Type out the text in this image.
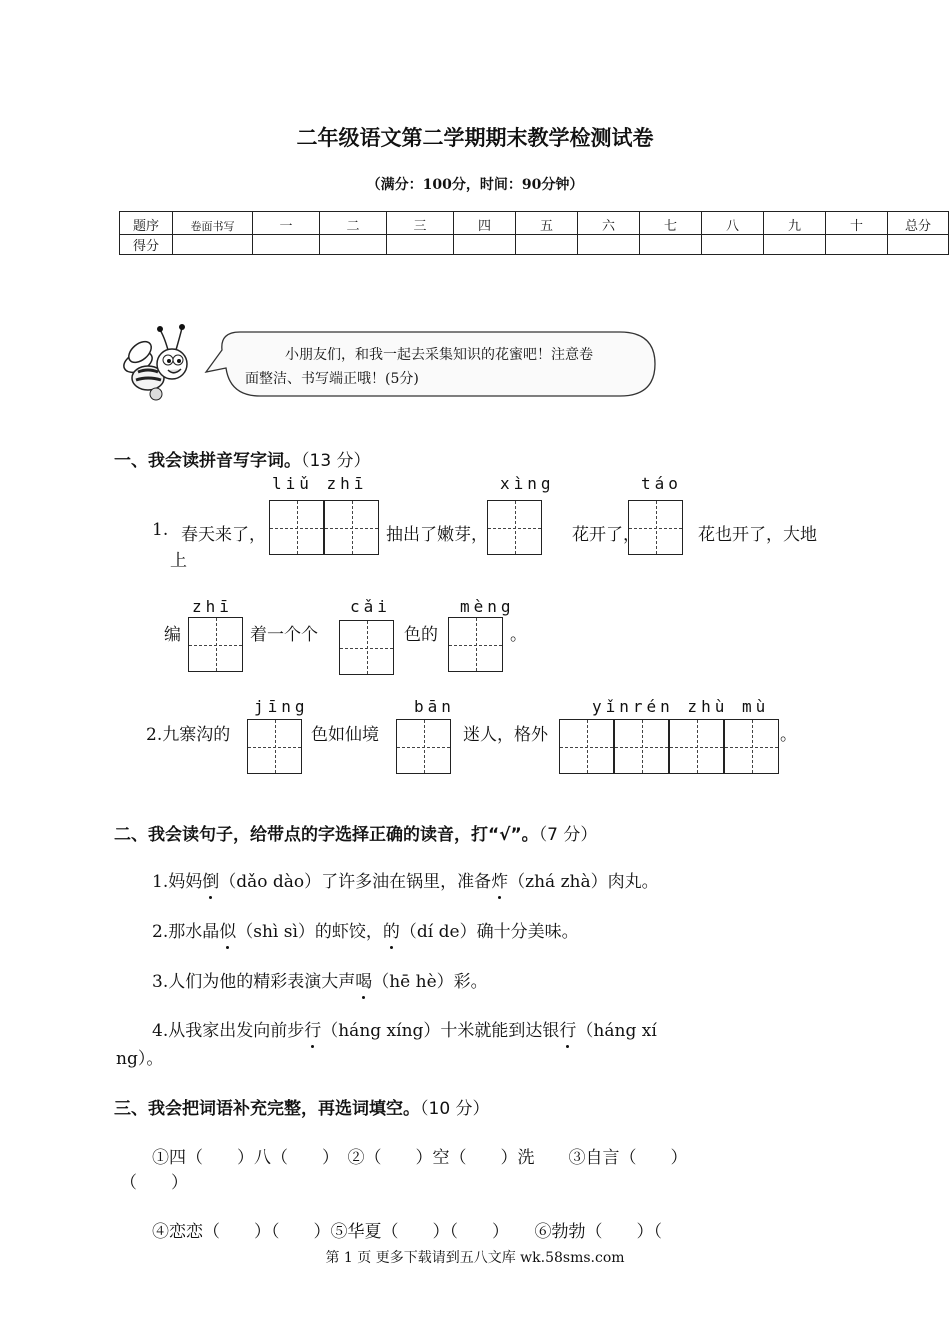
二年级语文第二学期期末教学检测试卷
（满分：100分，时间：90分钟）
题序	卷面书写	一	二	三	四	五	六	七	八	九	十	总分
得分												
小朋友们，和我一起去采集知识的花蜜吧！注意卷
面整洁、书写端正哦！(5分)
一、我会读拼音写字词。（13 分）
liǔ zhī	xìng	táo
1. 春天来了，	抽出了嫩芽，	花开了，	花也开了，大地
上
zhī	cǎi	mèng
编	着一个个	色的	。
jīng	bān	yǐnrén zhù mù
2.九寨沟的	色如仙境	迷人，格外	。
二、我会读句子，给带点的字选择正确的读音，打“√”。（7 分）
1.妈妈倒（dǎo dào）了许多油在锅里，准备炸（zhá zhà）肉丸。
2.那水晶似（shì sì）的虾饺，的（dí de）确十分美味。
3.人们为他的精彩表演大声喝（hē hè）彩。
4.从我家出发向前步行（háng xíng）十米就能到达银行（háng xí
ng）。
三、我会把词语补充完整，再选词填空。（10 分）
①四（　　）八（　　）　②（　　）空（　　）洗　　③自言（　　）
（　　）
④恋恋（　　）（　　）⑤华夏（　　）（　　）　　⑥勃勃（　　）（
第 1 页 更多下载请到五八文库 wk.58sms.com
